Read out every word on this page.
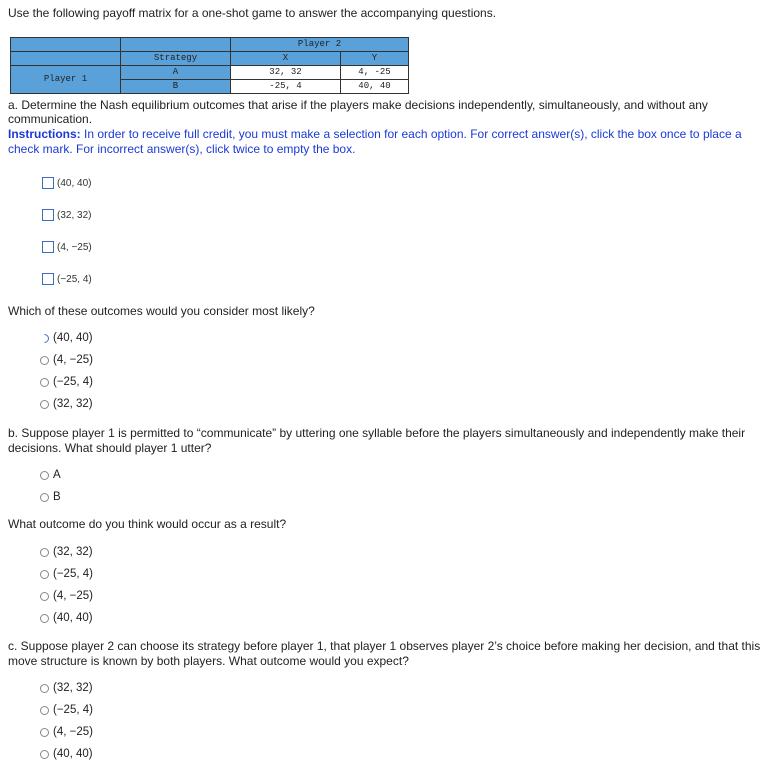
Use the following payoff matrix for a one-shot game to answer the accompanying questions.
		Player 2	
	Strategy	X	Y
Player 1	A	32, 32	4, -25
	B	-25, 4	40, 40
a. Determine the Nash equilibrium outcomes that arise if the players make decisions independently, simultaneously, and without any communication.
Instructions: In order to receive full credit, you must make a selection for each option. For correct answer(s), click the box once to place a check mark. For incorrect answer(s), click twice to empty the box.
(40, 40)
(32, 32)
(4, −25)
(−25, 4)
Which of these outcomes would you consider most likely?
(40, 40)
(4, −25)
(−25, 4)
(32, 32)
b. Suppose player 1 is permitted to “communicate” by uttering one syllable before the players simultaneously and independently make their decisions. What should player 1 utter?
A
B
What outcome do you think would occur as a result?
(32, 32)
(−25, 4)
(4, −25)
(40, 40)
c. Suppose player 2 can choose its strategy before player 1, that player 1 observes player 2’s choice before making her decision, and that this move structure is known by both players. What outcome would you expect?
(32, 32)
(−25, 4)
(4, −25)
(40, 40)
